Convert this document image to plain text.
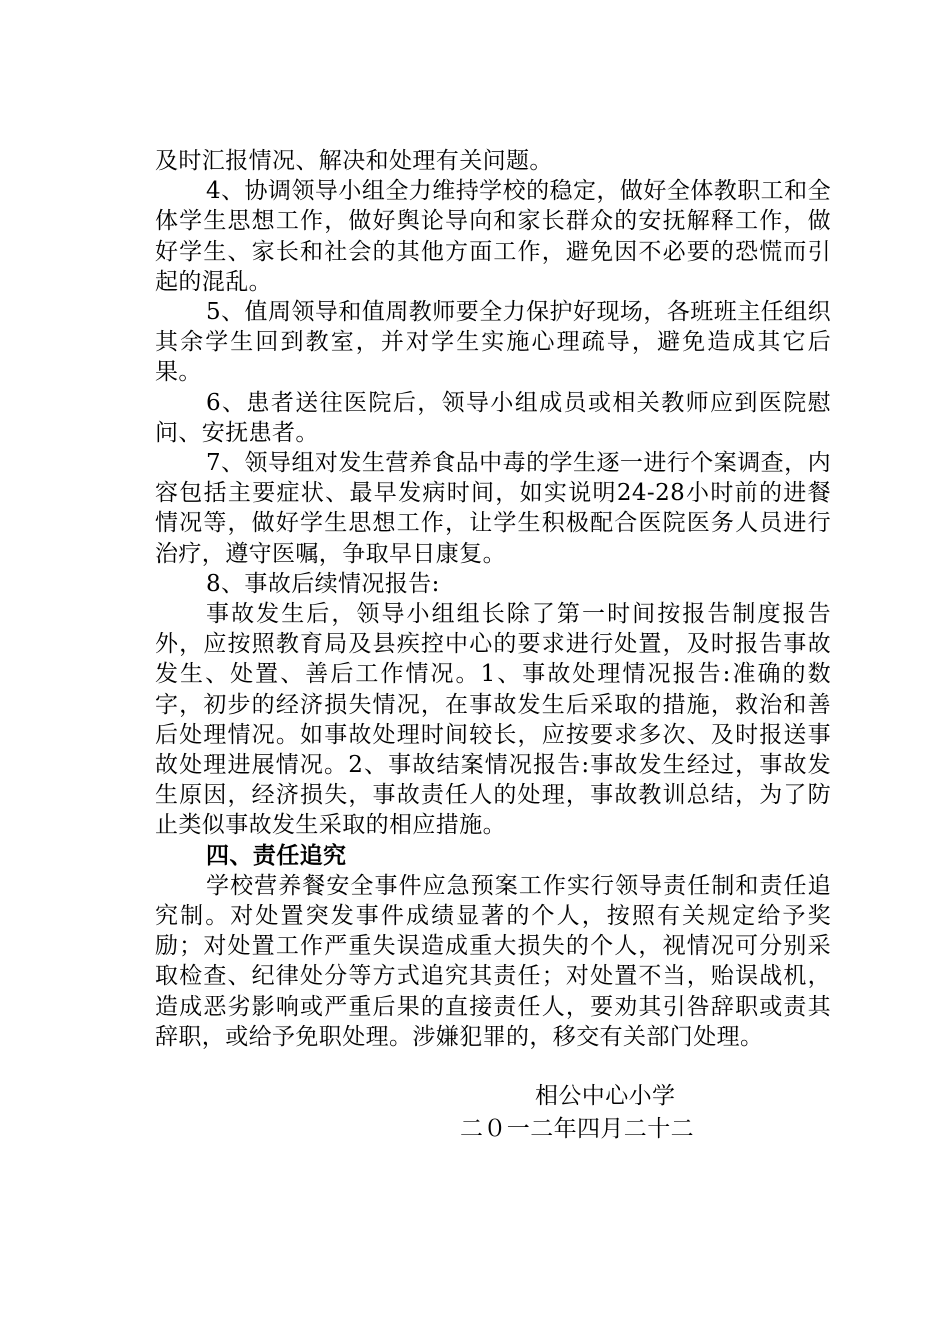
及时汇报情况、解决和处理有关问题。

4、协调领导小组全力维持学校的稳定，做好全体教职工和全体学生思想工作，做好舆论导向和家长群众的安抚解释工作，做好学生、家长和社会的其他方面工作，避免因不必要的恐慌而引起的混乱。

5、值周领导和值周教师要全力保护好现场，各班班主任组织其余学生回到教室，并对学生实施心理疏导，避免造成其它后果。

6、患者送往医院后，领导小组成员或相关教师应到医院慰问、安抚患者。

7、领导组对发生营养食品中毒的学生逐一进行个案调查，内容包括主要症状、最早发病时间，如实说明24-28小时前的进餐情况等，做好学生思想工作，让学生积极配合医院医务人员进行治疗，遵守医嘱，争取早日康复。

8、事故后续情况报告:

事故发生后，领导小组组长除了第一时间按报告制度报告外，应按照教育局及县疾控中心的要求进行处置，及时报告事故发生、处置、善后工作情况。1、事故处理情况报告:准确的数字，初步的经济损失情况，在事故发生后采取的措施，救治和善后处理情况。如事故处理时间较长，应按要求多次、及时报送事故处理进展情况。2、事故结案情况报告:事故发生经过，事故发生原因，经济损失，事故责任人的处理，事故教训总结，为了防止类似事故发生采取的相应措施。

四、责任追究

学校营养餐安全事件应急预案工作实行领导责任制和责任追究制。对处置突发事件成绩显著的个人，按照有关规定给予奖励；对处置工作严重失误造成重大损失的个人，视情况可分别采取检查、纪律处分等方式追究其责任；对处置不当，贻误战机，造成恶劣影响或严重后果的直接责任人，要劝其引咎辞职或责其辞职，或给予免职处理。涉嫌犯罪的，移交有关部门处理。

相公中心小学
二０一二年四月二十二
